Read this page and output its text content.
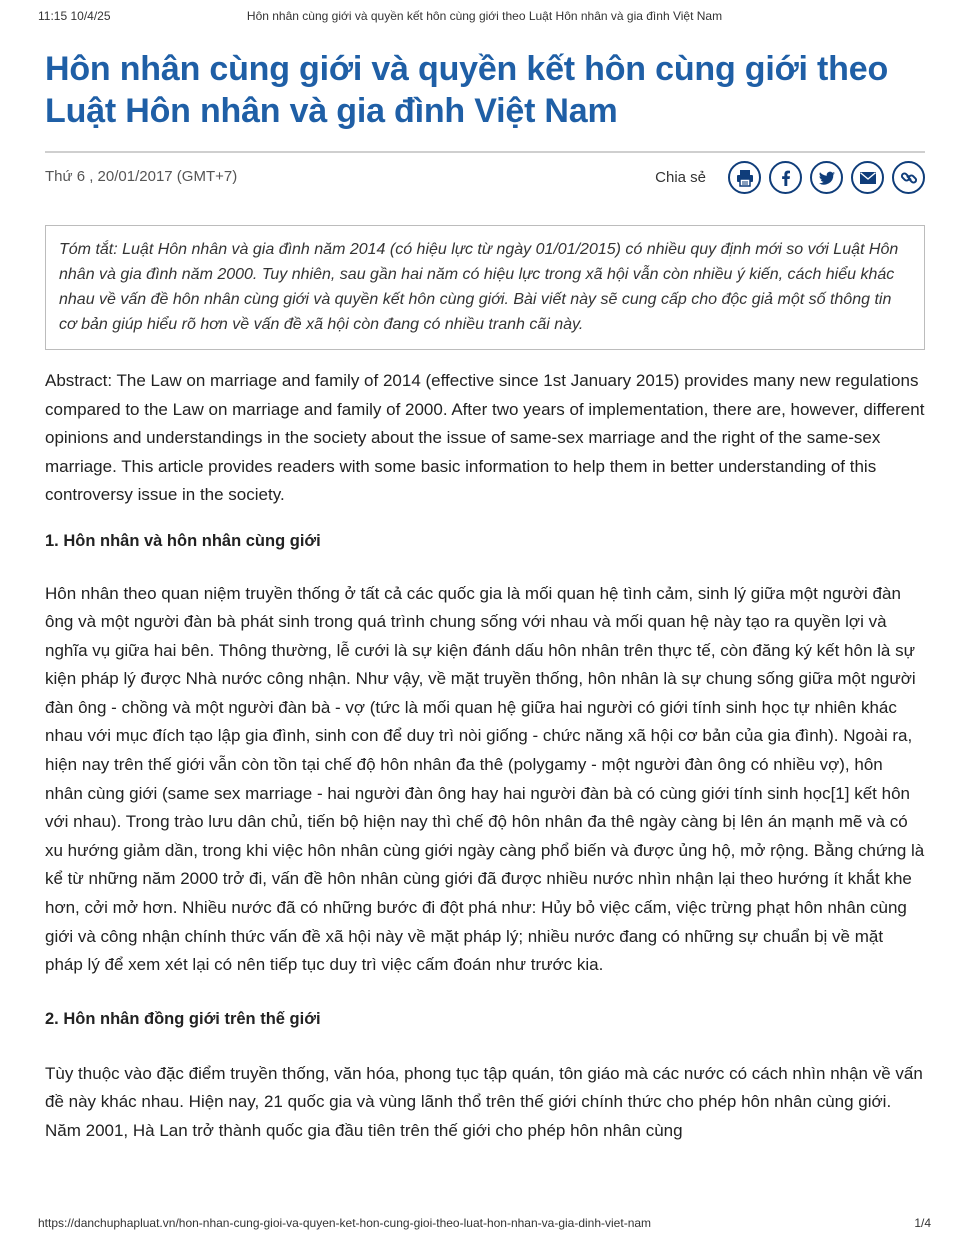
11:15 10/4/25	Hôn nhân cùng giới và quyền kết hôn cùng giới theo Luật Hôn nhân và gia đình Việt Nam
Hôn nhân cùng giới và quyền kết hôn cùng giới theo Luật Hôn nhân và gia đình Việt Nam
Thứ 6 , 20/01/2017 (GMT+7)	Chia sẻ
Tóm tắt: Luật Hôn nhân và gia đình năm 2014 (có hiệu lực từ ngày 01/01/2015) có nhiều quy định mới so với Luật Hôn nhân và gia đình năm 2000. Tuy nhiên, sau gần hai năm có hiệu lực trong xã hội vẫn còn nhiều ý kiến, cách hiểu khác nhau về vấn đề hôn nhân cùng giới và quyền kết hôn cùng giới. Bài viết này sẽ cung cấp cho độc giả một số thông tin cơ bản giúp hiểu rõ hơn về vấn đề xã hội còn đang có nhiều tranh cãi này.

Abstract: The Law on marriage and family of 2014 (effective since 1st January 2015) provides many new regulations compared to the Law on marriage and family of 2000. After two years of implementation, there are, however, different opinions and understandings in the society about the issue of same-sex marriage and the right of the same-sex marriage. This article provides readers with some basic information to help them in better understanding of this controversy issue in the society.

1. Hôn nhân và hôn nhân cùng giới

Hôn nhân theo quan niệm truyền thống ở tất cả các quốc gia là mối quan hệ tình cảm, sinh lý giữa một người đàn ông và một người đàn bà phát sinh trong quá trình chung sống với nhau và mối quan hệ này tạo ra quyền lợi và nghĩa vụ giữa hai bên. Thông thường, lễ cưới là sự kiện đánh dấu hôn nhân trên thực tế, còn đăng ký kết hôn là sự kiện pháp lý được Nhà nước công nhận. Như vậy, về mặt truyền thống, hôn nhân là sự chung sống giữa một người đàn ông - chồng và một người đàn bà - vợ (tức là mối quan hệ giữa hai người có giới tính sinh học tự nhiên khác nhau với mục đích tạo lập gia đình, sinh con để duy trì nòi giống - chức năng xã hội cơ bản của gia đình). Ngoài ra, hiện nay trên thế giới vẫn còn tồn tại chế độ hôn nhân đa thê (polygamy - một người đàn ông có nhiều vợ), hôn nhân cùng giới (same sex marriage - hai người đàn ông hay hai người đàn bà có cùng giới tính sinh học[1] kết hôn với nhau). Trong trào lưu dân chủ, tiến bộ hiện nay thì chế độ hôn nhân đa thê ngày càng bị lên án mạnh mẽ và có xu hướng giảm dần, trong khi việc hôn nhân cùng giới ngày càng phổ biến và được ủng hộ, mở rộng. Bằng chứng là kể từ những năm 2000 trở đi, vấn đề hôn nhân cùng giới đã được nhiều nước nhìn nhận lại theo hướng ít khắt khe hơn, cởi mở hơn. Nhiều nước đã có những bước đi đột phá như: Hủy bỏ việc cấm, việc trừng phạt hôn nhân cùng giới và công nhận chính thức vấn đề xã hội này về mặt pháp lý; nhiều nước đang có những sự chuẩn bị về mặt pháp lý để xem xét lại có nên tiếp tục duy trì việc cấm đoán như trước kia.

2. Hôn nhân đồng giới trên thế giới

Tùy thuộc vào đặc điểm truyền thống, văn hóa, phong tục tập quán, tôn giáo mà các nước có cách nhìn nhận về vấn đề này khác nhau. Hiện nay, 21 quốc gia và vùng lãnh thổ trên thế giới chính thức cho phép hôn nhân cùng giới. Năm 2001, Hà Lan trở thành quốc gia đầu tiên trên thế giới cho phép hôn nhân cùng

https://danchuphapluat.vn/hon-nhan-cung-gioi-va-quyen-ket-hon-cung-gioi-theo-luat-hon-nhan-va-gia-dinh-viet-nam	1/4
